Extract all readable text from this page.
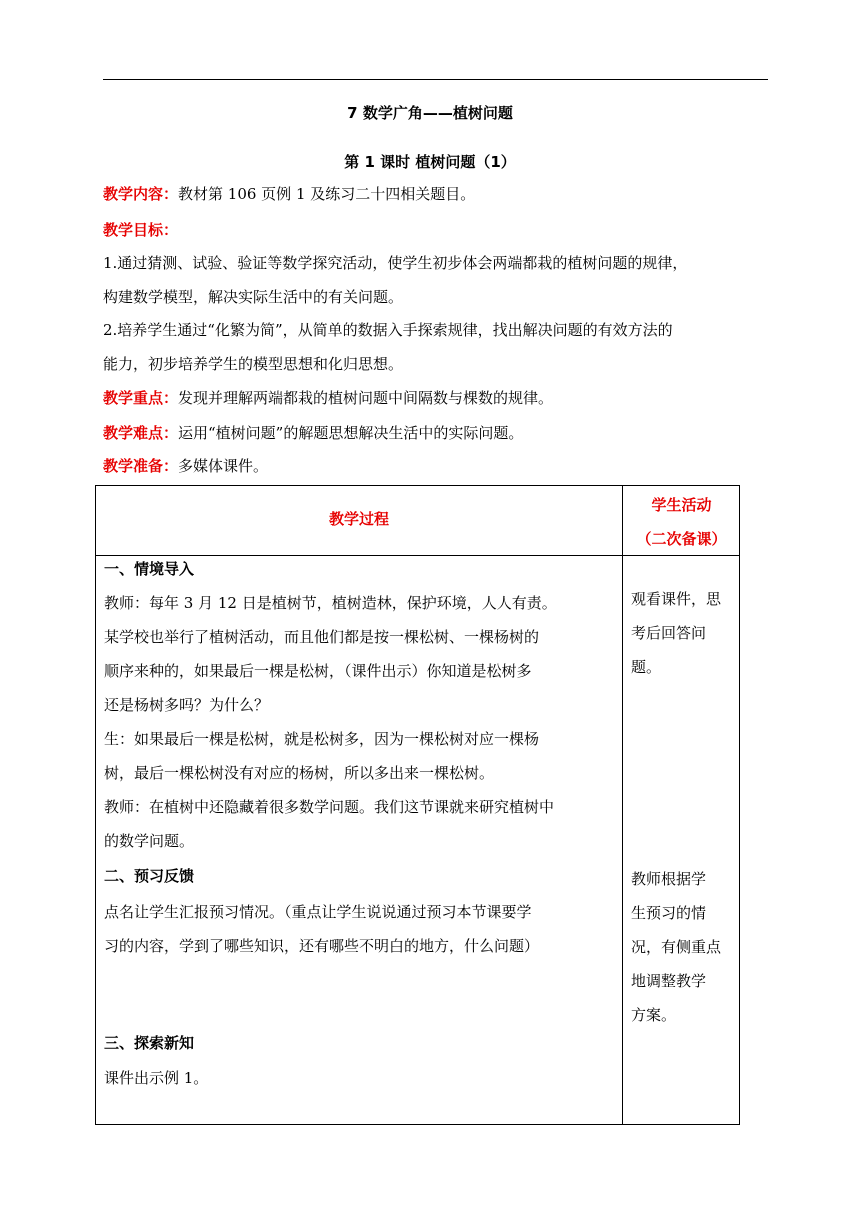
7 数学广角——植树问题
第 1 课时 植树问题（1）
教学内容：教材第 106 页例 1 及练习二十四相关题目。
教学目标：
1.通过猜测、试验、验证等数学探究活动，使学生初步体会两端都栽的植树问题的规律，
构建数学模型，解决实际生活中的有关问题。
2.培养学生通过“化繁为简”，从简单的数据入手探索规律，找出解决问题的有效方法的
能力，初步培养学生的模型思想和化归思想。
教学重点：发现并理解两端都栽的植树问题中间隔数与棵数的规律。
教学难点：运用“植树问题”的解题思想解决生活中的实际问题。
教学准备：多媒体课件。
教学过程
学生活动
（二次备课）
一、情境导入
教师：每年 3 月 12 日是植树节，植树造林，保护环境，人人有责。
某学校也举行了植树活动，而且他们都是按一棵松树、一棵杨树的
顺序来种的，如果最后一棵是松树，（课件出示）你知道是松树多
还是杨树多吗？为什么？
生：如果最后一棵是松树，就是松树多，因为一棵松树对应一棵杨
树，最后一棵松树没有对应的杨树，所以多出来一棵松树。
教师：在植树中还隐藏着很多数学问题。我们这节课就来研究植树中
的数学问题。
观看课件，思
考后回答问
题。
二、预习反馈
点名让学生汇报预习情况。（重点让学生说说通过预习本节课要学
习的内容，学到了哪些知识，还有哪些不明白的地方，什么问题）
教师根据学
生预习的情
况，有侧重点
地调整教学
方案。
三、探索新知
课件出示例 1。
